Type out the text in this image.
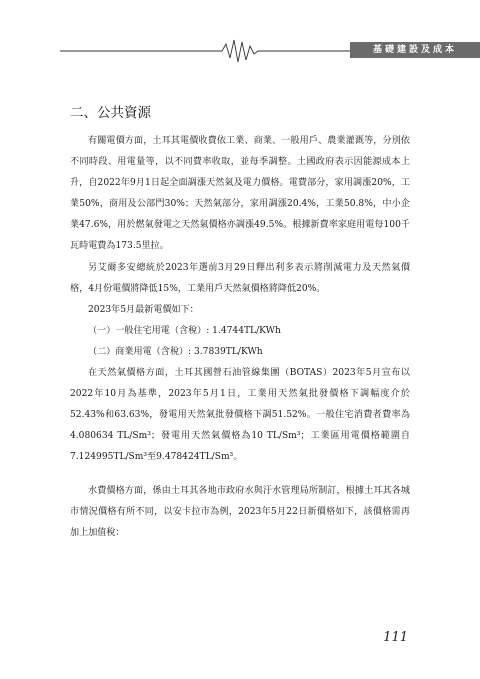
基礎建設及成本
二、公共資源

有關電價方面，土耳其電價收費依工業、商業、一般用戶、農業灌溉等，分別依不同時段、用電量等，以不同費率收取，並每季調整。土國政府表示因能源成本上升，自2022年9月1日起全面調漲天然氣及電力價格。電費部分，家用調漲20%，工業50%，商用及公部門30%；天然氣部分，家用調漲20.4%，工業50.8%，中小企業47.6%，用於燃氣發電之天然氣價格亦調漲49.5%。根據新費率家庭用電每100千瓦時電費為173.5里拉。

另艾爾多安總統於2023年選前3月29日釋出利多表示將削減電力及天然氣價格，4月份電價將降低15%，工業用戶天然氣價格將降低20%。

2023年5月最新電價如下：

（一）一般住宅用電（含稅）: 1.4744TL/KWh

（二）商業用電（含稅）: 3.7839TL/KWh

在天然氣價格方面，土耳其國營石油管線集團（BOTAS）2023年5月宣布以2022年10月為基準，2023年5月1日，工業用天然氣批發價格下調幅度介於52.43%和63.63%，發電用天然氣批發價格下調51.52%。一般住宅消費者費率為4.080634 TL/Sm³；發電用天然氣價格為10 TL/Sm³；工業區用電價格範圍自7.124995TL/Sm³至9.478424TL/Sm³。

水費價格方面，係由土耳其各地市政府水與汙水管理局所制訂，根據土耳其各城市情況價格有所不同，以安卡拉市為例，2023年5月22日新價格如下，該價格需再加上加值稅：

111
